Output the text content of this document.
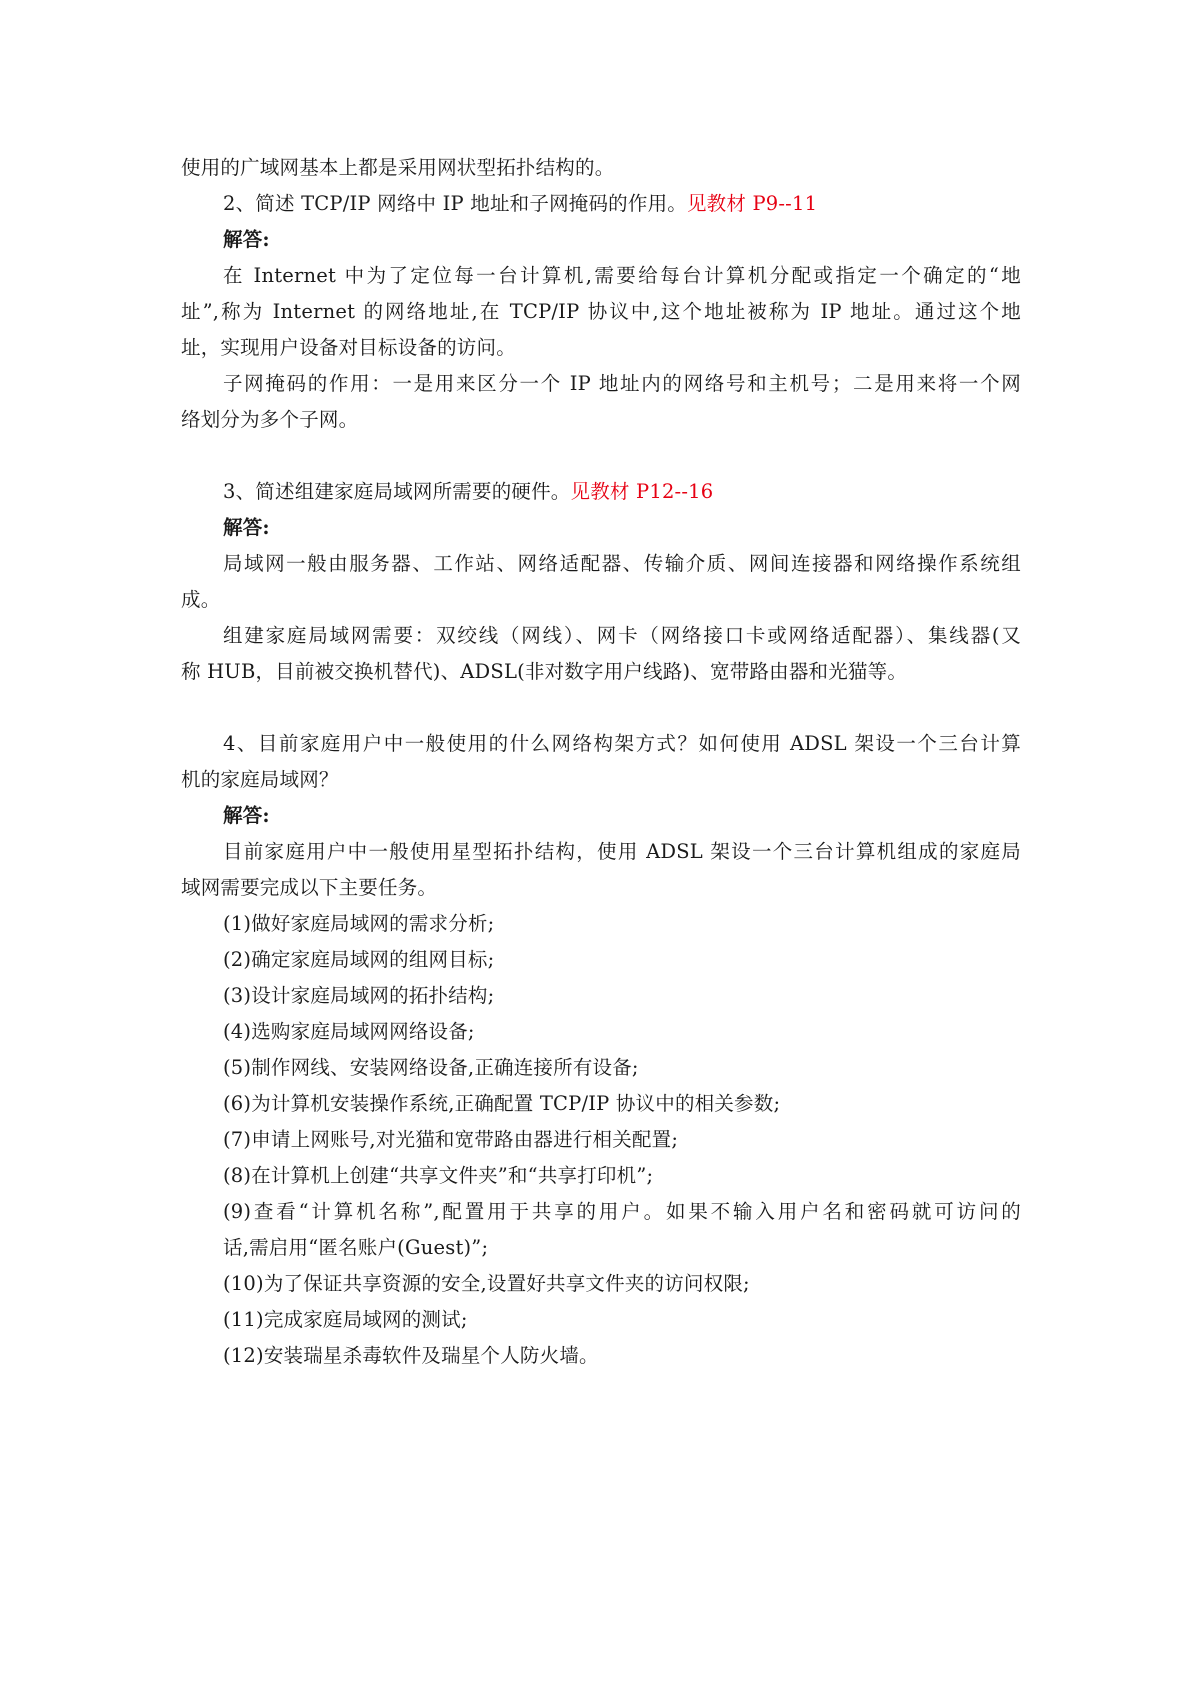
使用的广域网基本上都是采用网状型拓扑结构的。
2、简述 TCP/IP 网络中 IP 地址和子网掩码的作用。见教材 P9--11
解答:
在 Internet 中为了定位每一台计算机,需要给每台计算机分配或指定一个确定的“地
址”,称为 Internet 的网络地址,在 TCP/IP 协议中,这个地址被称为 IP 地址。通过这个地
址，实现用户设备对目标设备的访问。
子网掩码的作用：一是用来区分一个 IP 地址内的网络号和主机号；二是用来将一个网
络划分为多个子网。
3、简述组建家庭局域网所需要的硬件。见教材 P12--16
解答:
局域网一般由服务器、工作站、网络适配器、传输介质、网间连接器和网络操作系统组
成。
组建家庭局域网需要：双绞线（网线）、网卡（网络接口卡或网络适配器）、集线器(又
称 HUB，目前被交换机替代)、ADSL(非对数字用户线路)、宽带路由器和光猫等。
4、目前家庭用户中一般使用的什么网络构架方式？如何使用 ADSL 架设一个三台计算
机的家庭局域网？
解答:
目前家庭用户中一般使用星型拓扑结构，使用 ADSL 架设一个三台计算机组成的家庭局
域网需要完成以下主要任务。
(1)做好家庭局域网的需求分析;
(2)确定家庭局域网的组网目标;
(3)设计家庭局域网的拓扑结构;
(4)选购家庭局域网网络设备;
(5)制作网线、安装网络设备,正确连接所有设备;
(6)为计算机安装操作系统,正确配置 TCP/IP 协议中的相关参数;
(7)申请上网账号,对光猫和宽带路由器进行相关配置;
(8)在计算机上创建“共享文件夹”和“共享打印机”;
(9)查看“计算机名称”,配置用于共享的用户。如果不输入用户名和密码就可访问的
话,需启用“匿名账户(Guest)”;
(10)为了保证共享资源的安全,设置好共享文件夹的访问权限;
(11)完成家庭局域网的测试;
(12)安装瑞星杀毒软件及瑞星个人防火墙。
